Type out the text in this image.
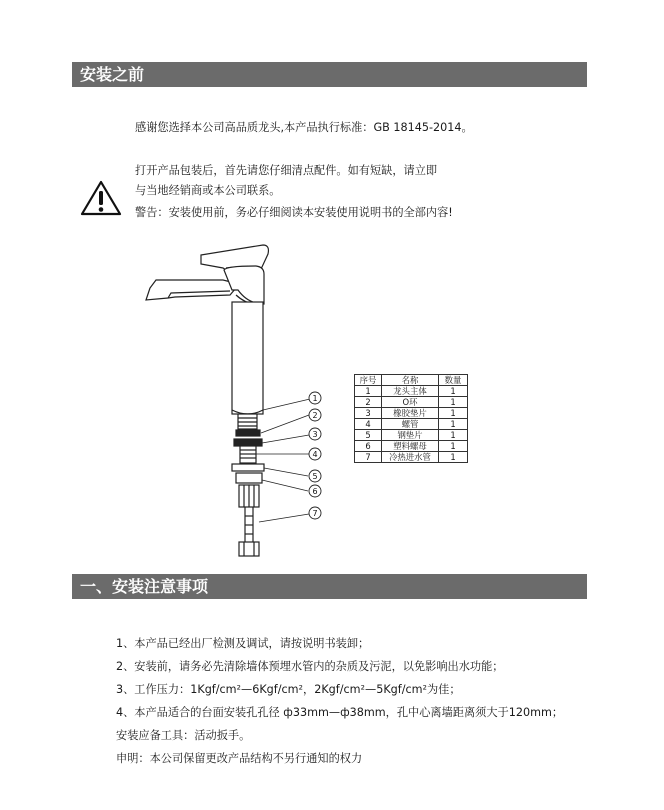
安装之前
感谢您选择本公司高品质龙头,本产品执行标准：GB 18145-2014。
打开产品包装后，首先请您仔细清点配件。如有短缺，请立即
与当地经销商或本公司联系。
警告：安装使用前，务必仔细阅读本安装使用说明书的全部内容!
1
2
3
4
5
6
7
序号	名称	数量
1	龙头主体	1
2	O环	1
3	橡胶垫片	1
4	螺管	1
5	钢垫片	1
6	塑料螺母	1
7	冷热进水管	1
一、安装注意事项
1、本产品已经出厂检测及调试，请按说明书装卸；
2、安装前，请务必先清除墙体预埋水管内的杂质及污泥，以免影响出水功能；
3、工作压力：1Kgf/cm²—6Kgf/cm²，2Kgf/cm²—5Kgf/cm²为佳；
4、本产品适合的台面安装孔孔径 ф33mm—ф38mm，孔中心离墙距离须大于120mm；
安装应备工具：活动扳手。
申明：本公司保留更改产品结构不另行通知的权力
